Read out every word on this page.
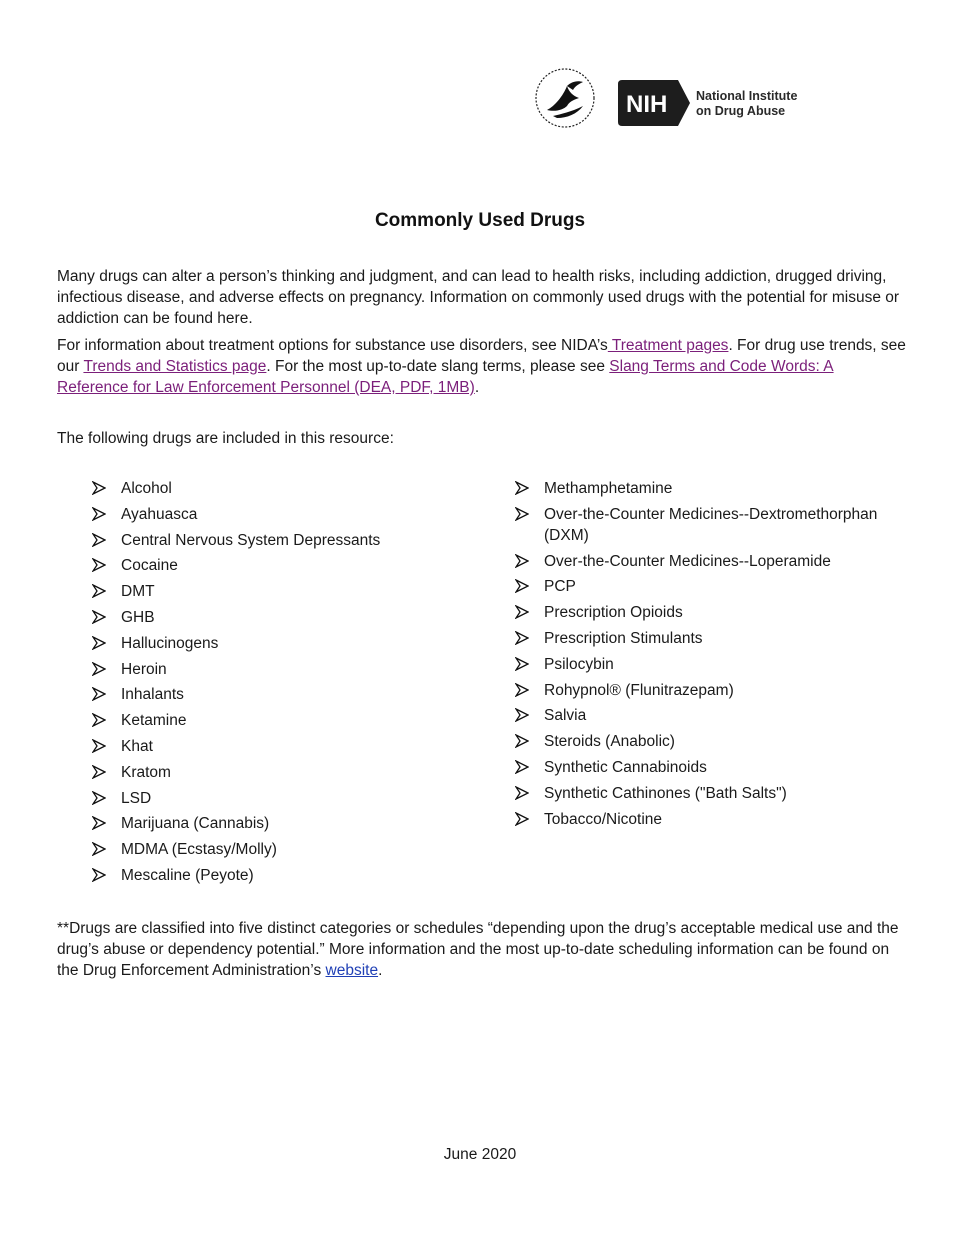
NIH National Institute
on Drug Abuse
Commonly Used Drugs

Many drugs can alter a person’s thinking and judgment, and can lead to health risks, including addiction, drugged driving, infectious disease, and adverse effects on pregnancy. Information on commonly used drugs with the potential for misuse or addiction can be found here.

For information about treatment options for substance use disorders, see NIDA’s Treatment pages. For drug use trends, see our Trends and Statistics page. For the most up-to-date slang terms, please see Slang Terms and Code Words: A Reference for Law Enforcement Personnel (DEA, PDF, 1MB).

The following drugs are included in this resource:

Alcohol
Ayahuasca
Central Nervous System Depressants
Cocaine
DMT
GHB
Hallucinogens
Heroin
Inhalants
Ketamine
Khat
Kratom
LSD
Marijuana (Cannabis)
MDMA (Ecstasy/Molly)
Mescaline (Peyote)
Methamphetamine
Over-the-Counter Medicines--Dextromethorphan (DXM)
Over-the-Counter Medicines--Loperamide
PCP
Prescription Opioids
Prescription Stimulants
Psilocybin
Rohypnol® (Flunitrazepam)
Salvia
Steroids (Anabolic)
Synthetic Cannabinoids
Synthetic Cathinones ("Bath Salts")
Tobacco/Nicotine

**Drugs are classified into five distinct categories or schedules “depending upon the drug’s acceptable medical use and the drug’s abuse or dependency potential.” More information and the most up-to-date scheduling information can be found on the Drug Enforcement Administration’s website.

June 2020
